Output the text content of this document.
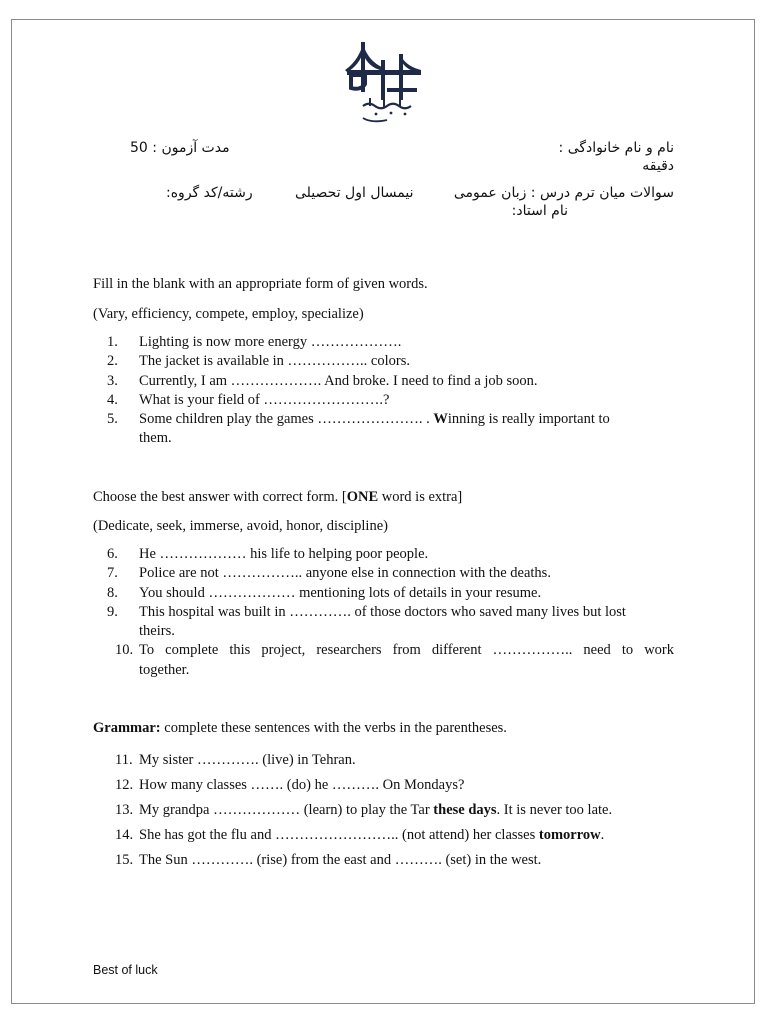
نام و نام خانوادگی :
مدت آزمون : 50
دقیقه
سوالات میان ترم درس : زبان عمومی
نیمسال اول تحصیلی
رشته/کد گروه:
نام استاد:
Fill in the blank with an appropriate form of given words.
(Vary, efficiency, compete, employ, specialize)
1.	Lighting is now more energy ……………….
2.	The jacket is available in …………….. colors.
3.	Currently, I am ………………. And broke. I need to find a job soon.
4.	What is your field of …………………….?
5.	Some children play the games …………………. . Winning is really important to
them.
Choose the best answer with correct form. [ONE word is extra]
(Dedicate, seek, immerse, avoid, honor, discipline)
6.	He ……………… his life to helping poor people.
7.	Police are not …………….. anyone else in connection with the deaths.
8.	You should ……………… mentioning lots of details in your resume.
9.	This hospital was built in …………. of those doctors who saved many lives but lost
theirs.
10. To complete this project, researchers from different …………….. need to work
together.
Grammar: complete these sentences with the verbs in the parentheses.
11. My sister …………. (live) in Tehran.
12. How many classes ……. (do) he ………. On Mondays?
13. My grandpa ……………… (learn) to play the Tar these days. It is never too late.
14. She has got the flu and …………………….. (not attend) her classes tomorrow.
15. The Sun …………. (rise) from the east and ………. (set) in the west.
Best of luck
